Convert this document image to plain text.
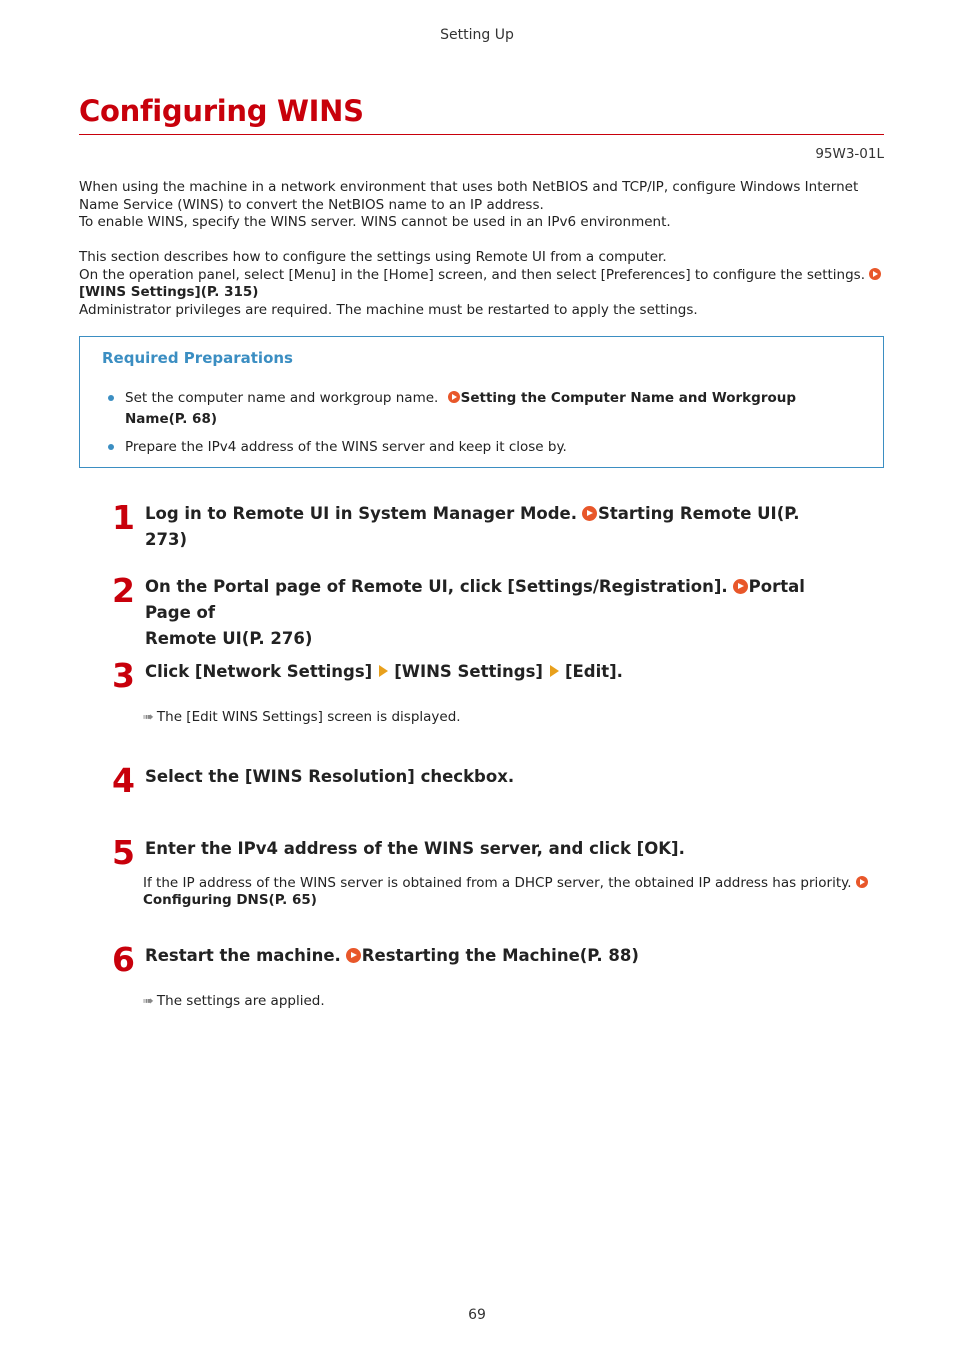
Setting Up
Configuring WINS
95W3-01L
When using the machine in a network environment that uses both NetBIOS and TCP/IP, configure Windows Internet
Name Service (WINS) to convert the NetBIOS name to an IP address.
To enable WINS, specify the WINS server. WINS cannot be used in an IPv6 environment.
This section describes how to configure the settings using Remote UI from a computer.
On the operation panel, select [Menu] in the [Home] screen, and then select [Preferences] to configure the settings.
[WINS Settings](P. 315)
Administrator privileges are required. The machine must be restarted to apply the settings.
Required Preparations
Set the computer name and workgroup name. Setting the Computer Name and Workgroup
Name(P. 68)
Prepare the IPv4 address of the WINS server and keep it close by.
1 Log in to Remote UI in System Manager Mode. Starting Remote UI(P. 273)
2 On the Portal page of Remote UI, click [Settings/Registration]. Portal Page of
Remote UI(P. 276)
3 Click [Network Settings] [WINS Settings] [Edit].
➠ The [Edit WINS Settings] screen is displayed.
4 Select the [WINS Resolution] checkbox.
5 Enter the IPv4 address of the WINS server, and click [OK].
If the IP address of the WINS server is obtained from a DHCP server, the obtained IP address has priority.
Configuring DNS(P. 65)
6 Restart the machine. Restarting the Machine(P. 88)
➠ The settings are applied.
69
